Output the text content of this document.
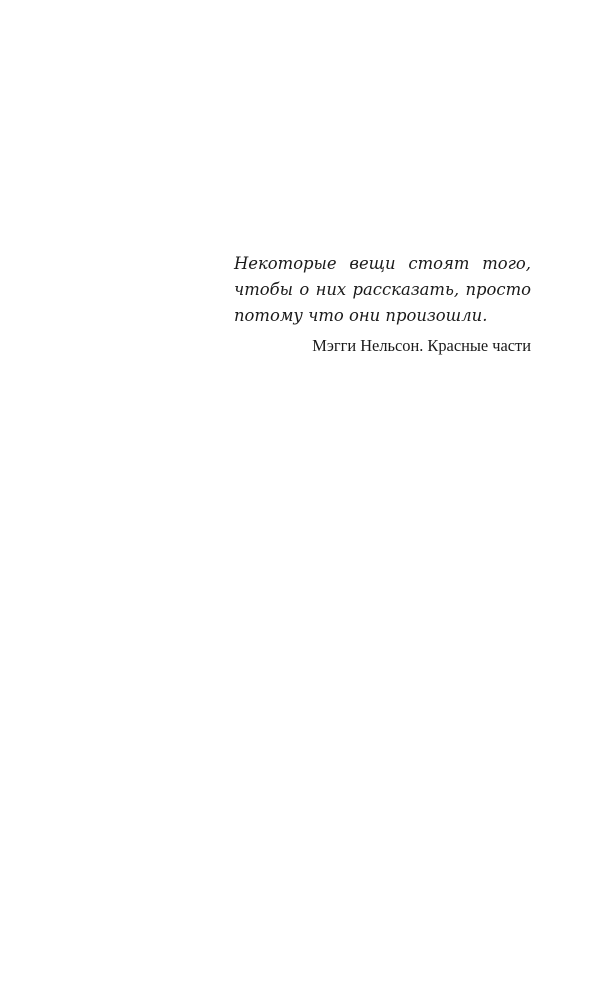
Некоторые вещи стоят того, чтобы о них рассказать, просто потому что они произошли.

Мэгги Нельсон. Красные части
